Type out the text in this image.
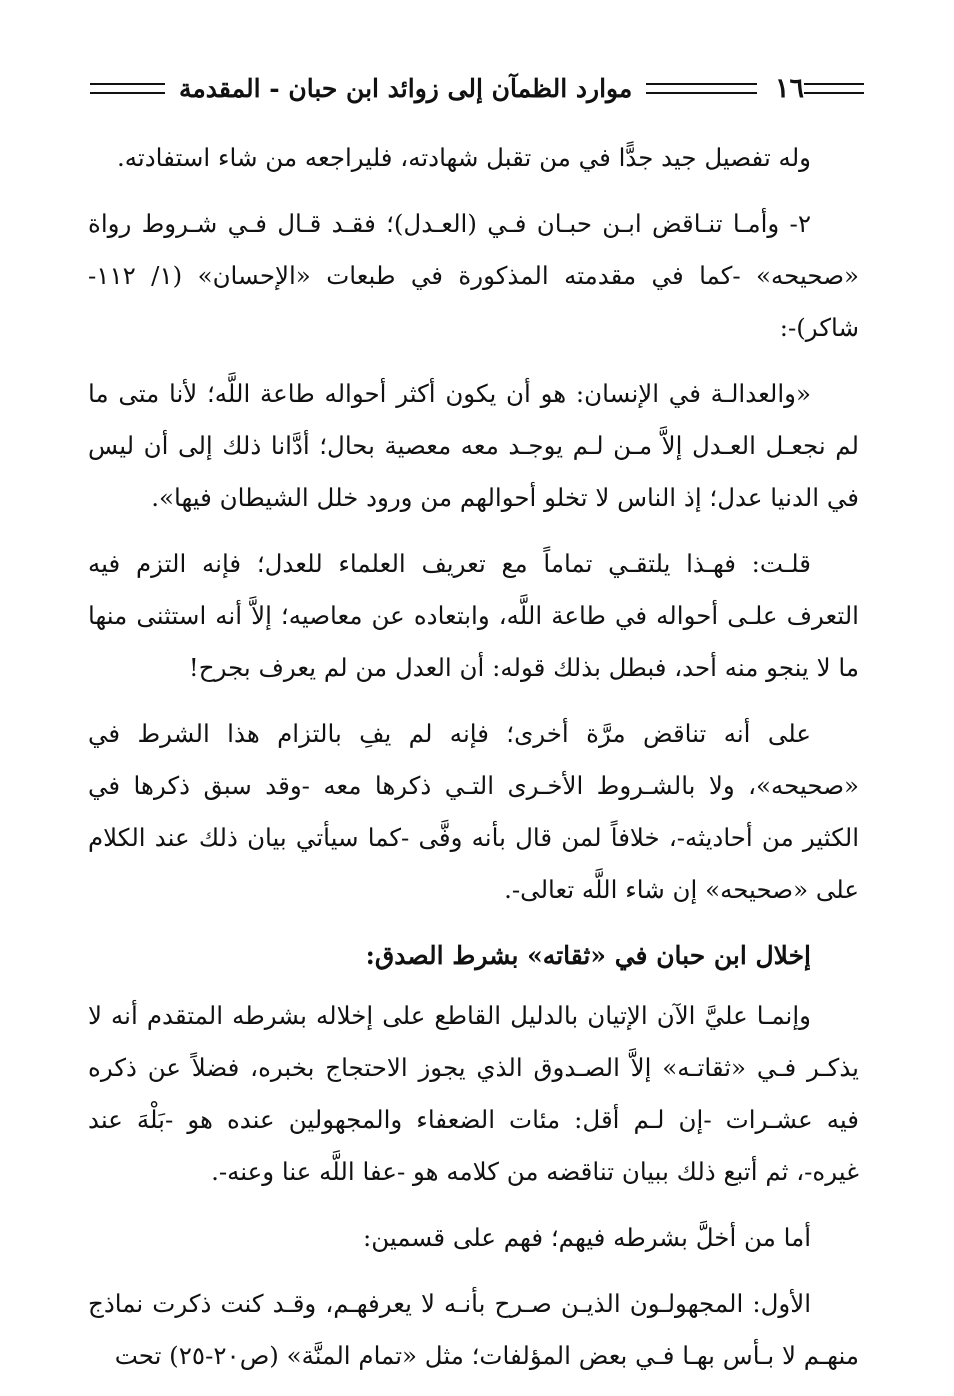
١٦
موارد الظمآن إلى زوائد ابن حبان - المقدمة

وله تفصيل جيد جدًّا في من تقبل شهادته، فليراجعه من شاء استفادته.

٢- وأمـا تنـاقض ابـن حبـان فـي (العـدل)؛ فقـد قـال فـي شـروط رواة «صحيحه» -كما في مقدمته المذكورة في طبعات «الإحسان» (١/ ١١٢-شاكر)-:

«والعدالـة في الإنسان: هو أن يكون أكثر أحواله طاعة اللَّه؛ لأنا متى ما لم نجعـل العـدل إلاَّ مـن لـم يوجـد معه معصية بحال؛ أدَّانا ذلك إلى أن ليس في الدنيا عدل؛ إذ الناس لا تخلو أحوالهم من ورود خلل الشيطان فيها».

قلـت: فهـذا يلتقـي تماماً مع تعريف العلماء للعدل؛ فإنه التزم فيه التعرف علـى أحواله في طاعة اللَّه، وابتعاده عن معاصيه؛ إلاَّ أنه استثنى منها ما لا ينجو منه أحد، فبطل بذلك قوله: أن العدل من لم يعرف بجرح!

على أنه تناقض مرَّة أخرى؛ فإنه لم يفِ بالتزام هذا الشرط في «صحيحه»، ولا بالشـروط الأخـرى التـي ذكرها معه -وقد سبق ذكرها في الكثير من أحاديثه-، خلافاً لمن قال بأنه وفَّى -كما سيأتي بيان ذلك عند الكلام على «صحيحه» إن شاء اللَّه تعالى-.

إخلال ابن حبان في «ثقاته» بشرط الصدق:

وإنمـا عليَّ الآن الإتيان بالدليل القاطع على إخلاله بشرطه المتقدم أنه لا يذكـر فـي «ثقاتـه» إلاَّ الصـدوق الذي يجوز الاحتجاج بخبره، فضلاً عن ذكره فيه عشـرات -إن لـم أقل: مئات الضعفاء والمجهولين عنده هو -بَلْهَ عند غيره-، ثم أتبع ذلك ببيان تناقضه من كلامه هو -عفا اللَّه عنا وعنه-.

أما من أخلَّ بشرطه فيهم؛ فهم على قسمين:

الأول: المجهولـون الذيـن صـرح بأنـه لا يعرفهـم، وقـد كنت ذكرت نماذج منهـم لا بـأس بهـا فـي بعض المؤلفات؛ مثل «تمام المنَّة» (ص٢٠-٢٥) تحت
